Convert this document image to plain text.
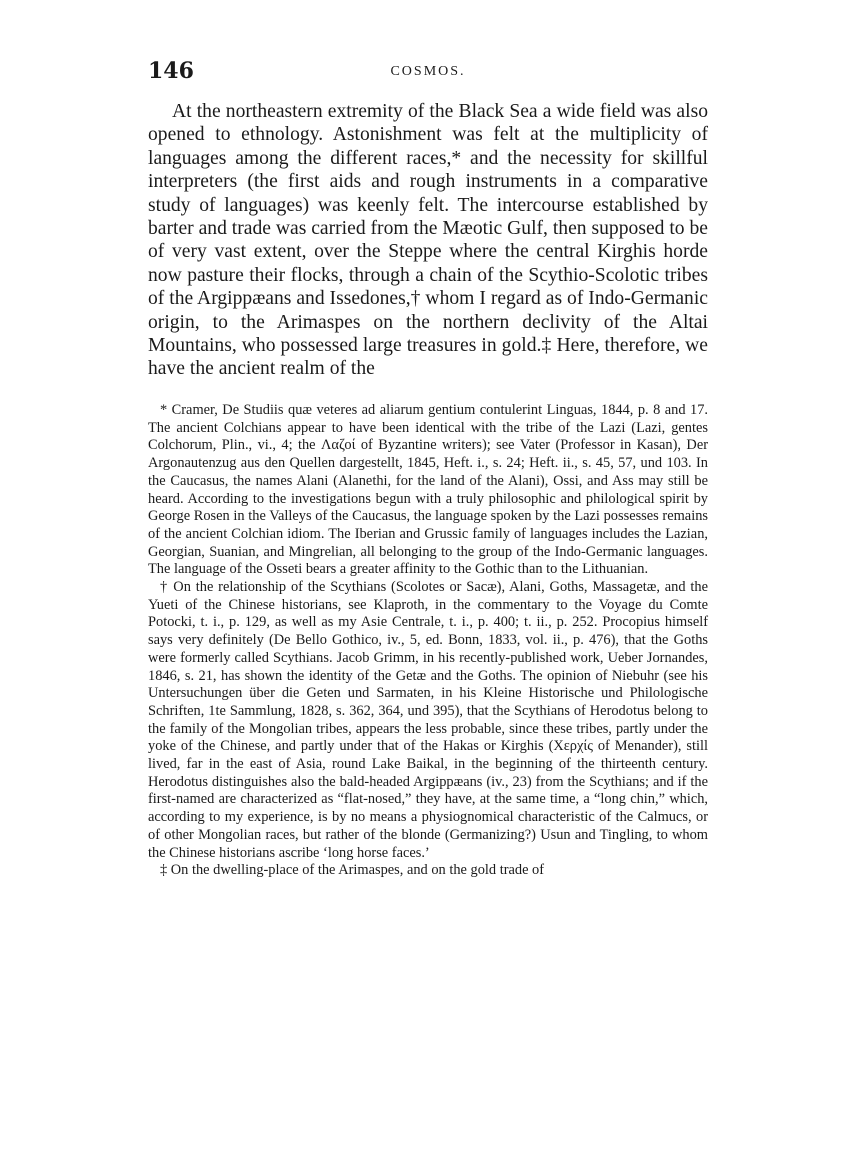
146	COSMOS.

At the northeastern extremity of the Black Sea a wide field was also opened to ethnology. Astonishment was felt at the multiplicity of languages among the different races,* and the necessity for skillful interpreters (the first aids and rough instruments in a comparative study of languages) was keenly felt. The intercourse established by barter and trade was carried from the Mæotic Gulf, then supposed to be of very vast extent, over the Steppe where the central Kirghis horde now pasture their flocks, through a chain of the Scythio-Scolotic tribes of the Argippæans and Issedones,† whom I regard as of Indo-Germanic origin, to the Arimaspes on the northern declivity of the Altai Mountains, who possessed large treasures in gold.‡ Here, therefore, we have the ancient realm of the

* Cramer, De Studiis quæ veteres ad aliarum gentium contulerint Linguas, 1844, p. 8 and 17. The ancient Colchians appear to have been identical with the tribe of the Lazi (Lazi, gentes Colchorum, Plin., vi., 4; the Λαζοί of Byzantine writers); see Vater (Professor in Kasan), Der Argonautenzug aus den Quellen dargestellt, 1845, Heft. i., s. 24; Heft. ii., s. 45, 57, und 103. In the Caucasus, the names Alani (Alanethi, for the land of the Alani), Ossi, and Ass may still be heard. According to the investigations begun with a truly philosophic and philological spirit by George Rosen in the Valleys of the Caucasus, the language spoken by the Lazi possesses remains of the ancient Colchian idiom. The Iberian and Grussic family of languages includes the Lazian, Georgian, Suanian, and Mingrelian, all belonging to the group of the Indo-Germanic languages. The language of the Osseti bears a greater affinity to the Gothic than to the Lithuanian.

† On the relationship of the Scythians (Scolotes or Sacæ), Alani, Goths, Massagetæ, and the Yueti of the Chinese historians, see Klaproth, in the commentary to the Voyage du Comte Potocki, t. i., p. 129, as well as my Asie Centrale, t. i., p. 400; t. ii., p. 252. Procopius himself says very definitely (De Bello Gothico, iv., 5, ed. Bonn, 1833, vol. ii., p. 476), that the Goths were formerly called Scythians. Jacob Grimm, in his recently-published work, Ueber Jornandes, 1846, s. 21, has shown the identity of the Getæ and the Goths. The opinion of Niebuhr (see his Untersuchungen über die Geten und Sarmaten, in his Kleine Historische und Philologische Schriften, 1te Sammlung, 1828, s. 362, 364, und 395), that the Scythians of Herodotus belong to the family of the Mongolian tribes, appears the less probable, since these tribes, partly under the yoke of the Chinese, and partly under that of the Hakas or Kirghis (Χερχίς of Menander), still lived, far in the east of Asia, round Lake Baikal, in the beginning of the thirteenth century. Herodotus distinguishes also the bald-headed Argippæans (iv., 23) from the Scythians; and if the first-named are characterized as “flat-nosed,” they have, at the same time, a “long chin,” which, according to my experience, is by no means a physiognomical characteristic of the Calmucs, or of other Mongolian races, but rather of the blonde (Germanizing?) Usun and Tingling, to whom the Chinese historians ascribe ‘long horse faces.’

‡ On the dwelling-place of the Arimaspes, and on the gold trade of
